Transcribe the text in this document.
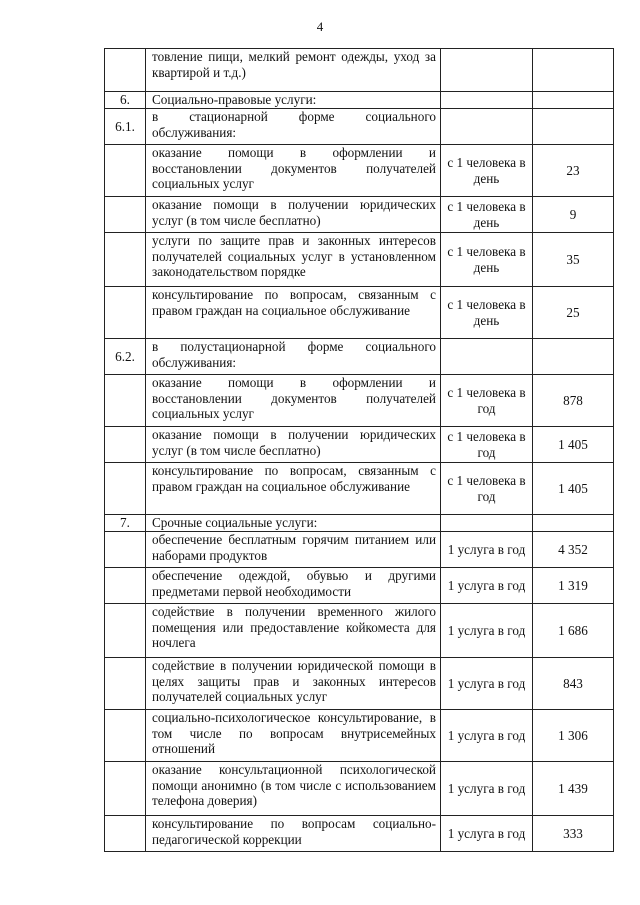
4
	товление пищи, мелкий ремонт одежды, уход за квартирой и т.д.)		
6.	Социально-правовые услуги:		
6.1.	в стационарной форме социального обслуживания:		
	оказание помощи в оформлении и восстановлении документов получателей социальных услуг	с 1 человека в день	23
	оказание помощи в получении юридических услуг (в том числе бесплатно)	с 1 человека в день	9
	услуги по защите прав и законных интересов получателей социальных услуг в установленном законодательством порядке	с 1 человека в день	35
	консультирование по вопросам, связанным с правом граждан на социальное обслуживание	с 1 человека в день	25
6.2.	в полустационарной форме социального обслуживания:		
	оказание помощи в оформлении и восстановлении документов получателей социальных услуг	с 1 человека в год	878
	оказание помощи в получении юридических услуг (в том числе бесплатно)	с 1 человека в год	1 405
	консультирование по вопросам, связанным с правом граждан на социальное обслуживание	с 1 человека в год	1 405
7.	Срочные социальные услуги:		
	обеспечение бесплатным горячим питанием или наборами продуктов	1 услуга в год	4 352
	обеспечение одеждой, обувью и другими предметами первой необходимости	1 услуга в год	1 319
	содействие в получении временного жилого помещения или предоставление койкоместа для ночлега	1 услуга в год	1 686
	содействие в получении юридической помощи в целях защиты прав и законных интересов получателей социальных услуг	1 услуга в год	843
	социально-психологическое консультирование, в том числе по вопросам внутрисемейных отношений	1 услуга в год	1 306
	оказание консультационной психологической помощи анонимно (в том числе с использованием телефона доверия)	1 услуга в год	1 439
	консультирование по вопросам социально-педагогической коррекции	1 услуга в год	333
